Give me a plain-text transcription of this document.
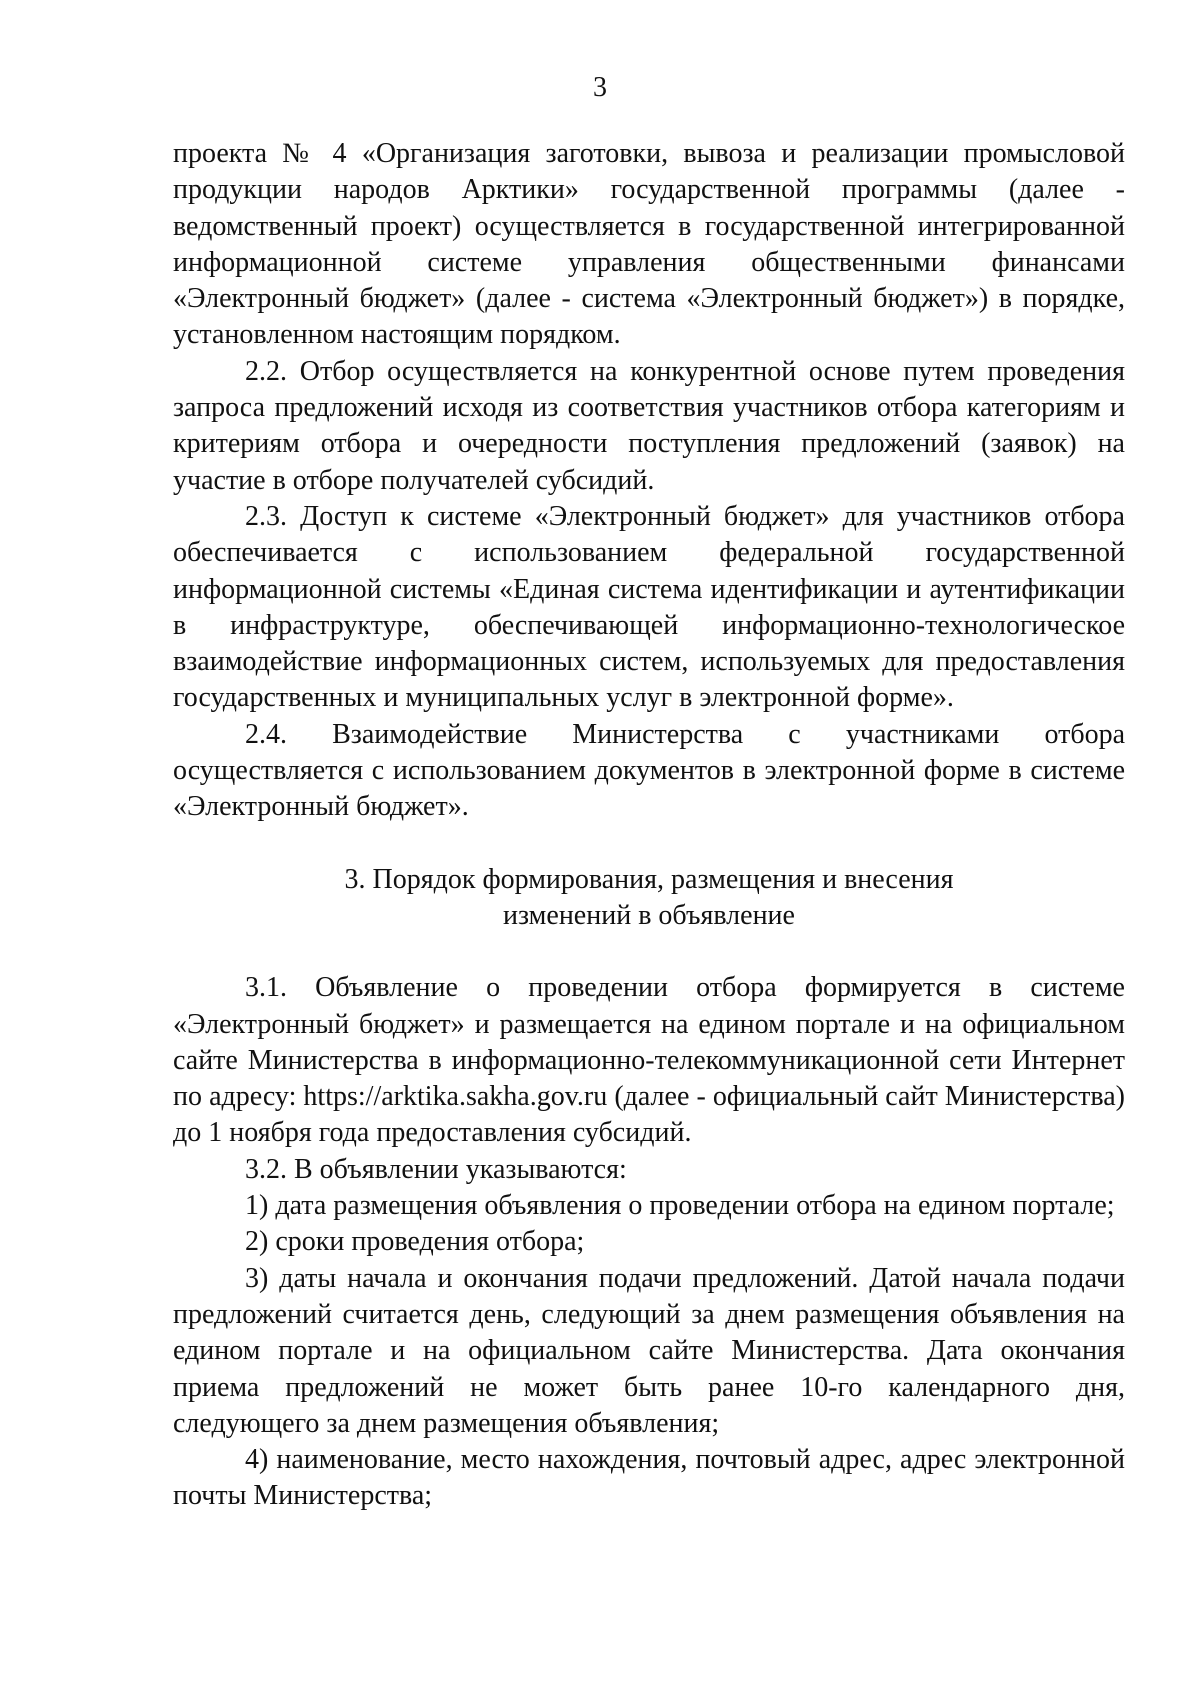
3

проекта № 4 «Организация заготовки, вывоза и реализации промысловой продукции народов Арктики» государственной программы (далее - ведомственный проект) осуществляется в государственной интегрированной информационной системе управления общественными финансами «Электронный бюджет» (далее - система «Электронный бюджет») в порядке, установленном настоящим порядком.

2.2. Отбор осуществляется на конкурентной основе путем проведения запроса предложений исходя из соответствия участников отбора категориям и критериям отбора и очередности поступления предложений (заявок) на участие в отборе получателей субсидий.

2.3. Доступ к системе «Электронный бюджет» для участников отбора обеспечивается с использованием федеральной государственной информационной системы «Единая система идентификации и аутентификации в инфраструктуре, обеспечивающей информационно-технологическое взаимодействие информационных систем, используемых для предоставления государственных и муниципальных услуг в электронной форме».

2.4. Взаимодействие Министерства с участниками отбора осуществляется с использованием документов в электронной форме в системе «Электронный бюджет».

3. Порядок формирования, размещения и внесения
изменений в объявление

3.1. Объявление о проведении отбора формируется в системе «Электронный бюджет» и размещается на едином портале и на официальном сайте Министерства в информационно-телекоммуникационной сети Интернет по адресу: https://arktika.sakha.gov.ru (далее - официальный сайт Министерства) до 1 ноября года предоставления субсидий.

3.2. В объявлении указываются:

1) дата размещения объявления о проведении отбора на едином портале;

2) сроки проведения отбора;

3) даты начала и окончания подачи предложений. Датой начала подачи предложений считается день, следующий за днем размещения объявления на едином портале и на официальном сайте Министерства. Дата окончания приема предложений не может быть ранее 10-го календарного дня, следующего за днем размещения объявления;

4) наименование, место нахождения, почтовый адрес, адрес электронной почты Министерства;
